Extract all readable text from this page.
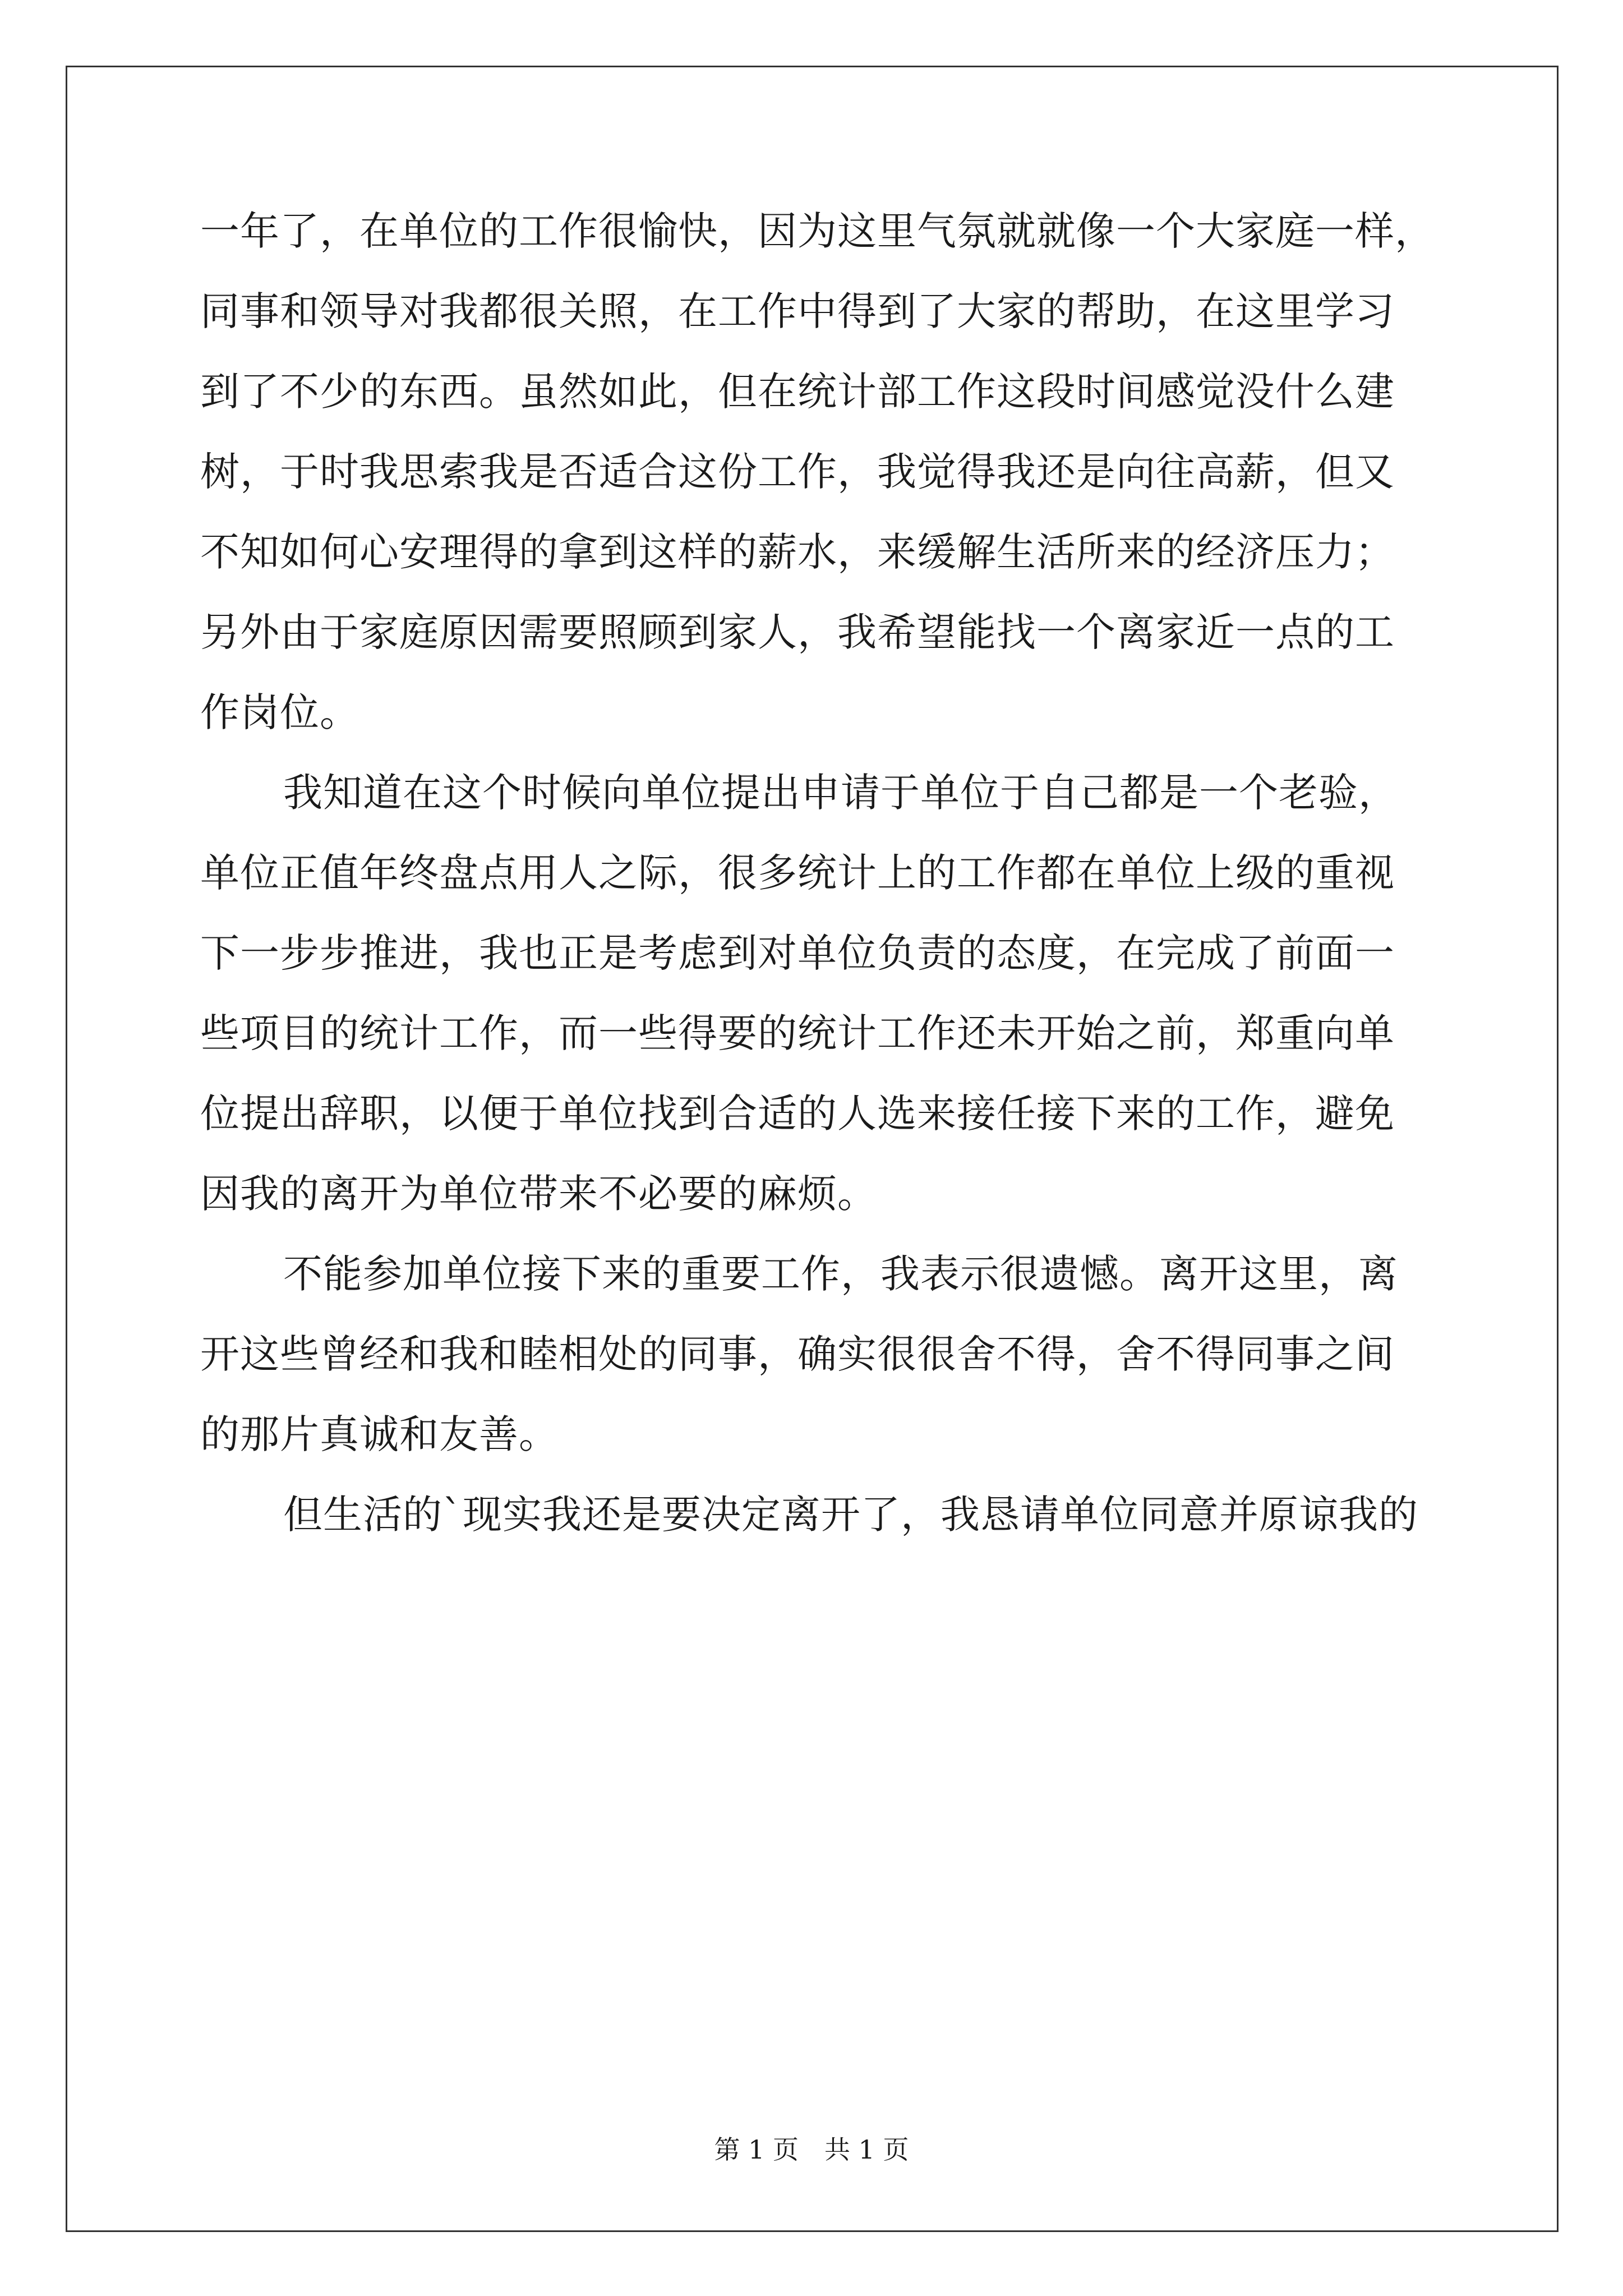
一年了，在单位的工作很愉快，因为这里气氛就就像一个大家庭一样，
同事和领导对我都很关照，在工作中得到了大家的帮助，在这里学习
到了不少的东西。虽然如此，但在统计部工作这段时间感觉没什么建
树，于时我思索我是否适合这份工作，我觉得我还是向往高薪，但又
不知如何心安理得的拿到这样的薪水，来缓解生活所来的经济压力；
另外由于家庭原因需要照顾到家人，我希望能找一个离家近一点的工
作岗位。
我知道在这个时候向单位提出申请于单位于自己都是一个老验，
单位正值年终盘点用人之际，很多统计上的工作都在单位上级的重视
下一步步推进，我也正是考虑到对单位负责的态度，在完成了前面一
些项目的统计工作，而一些得要的统计工作还未开始之前，郑重向单
位提出辞职，以便于单位找到合适的人选来接任接下来的工作，避免
因我的离开为单位带来不必要的麻烦。
不能参加单位接下来的重要工作，我表示很遗憾。离开这里，离
开这些曾经和我和睦相处的同事，确实很很舍不得，舍不得同事之间
的那片真诚和友善。
但生活的`现实我还是要决定离开了，我恳请单位同意并原谅我的
第 1 页　共 1 页
